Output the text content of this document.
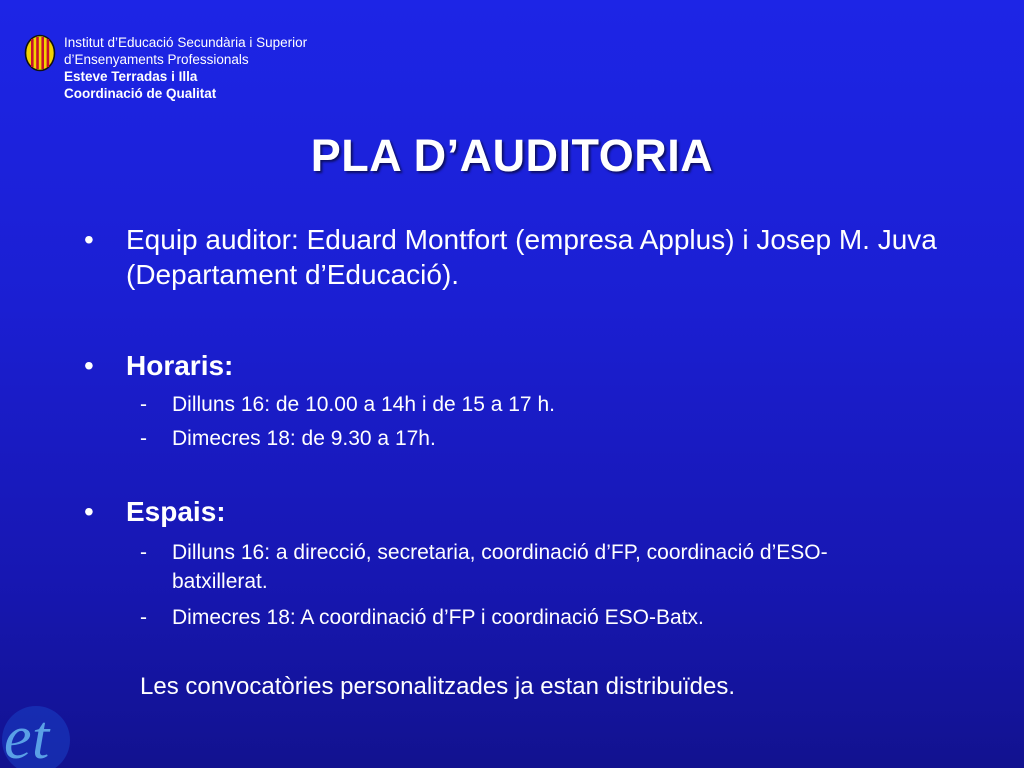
Institut d’Educació Secundària i Superior
d’Ensenyaments Professionals
Esteve Terradas i Illa
Coordinació de Qualitat
PLA D’AUDITORIA
•	Equip auditor: Eduard Montfort (empresa Applus) i Josep M. Juva (Departament d’Educació).
•	Horaris:
-	Dilluns 16: de 10.00 a 14h i de 15 a 17 h.
-	Dimecres 18: de 9.30 a 17h.
•	Espais:
-	Dilluns 16: a direcció, secretaria, coordinació d’FP, coordinació d’ESO-batxillerat.
-	Dimecres 18: A coordinació d’FP i coordinació ESO-Batx.
Les convocatòries personalitzades ja estan distribuïdes.
e t
